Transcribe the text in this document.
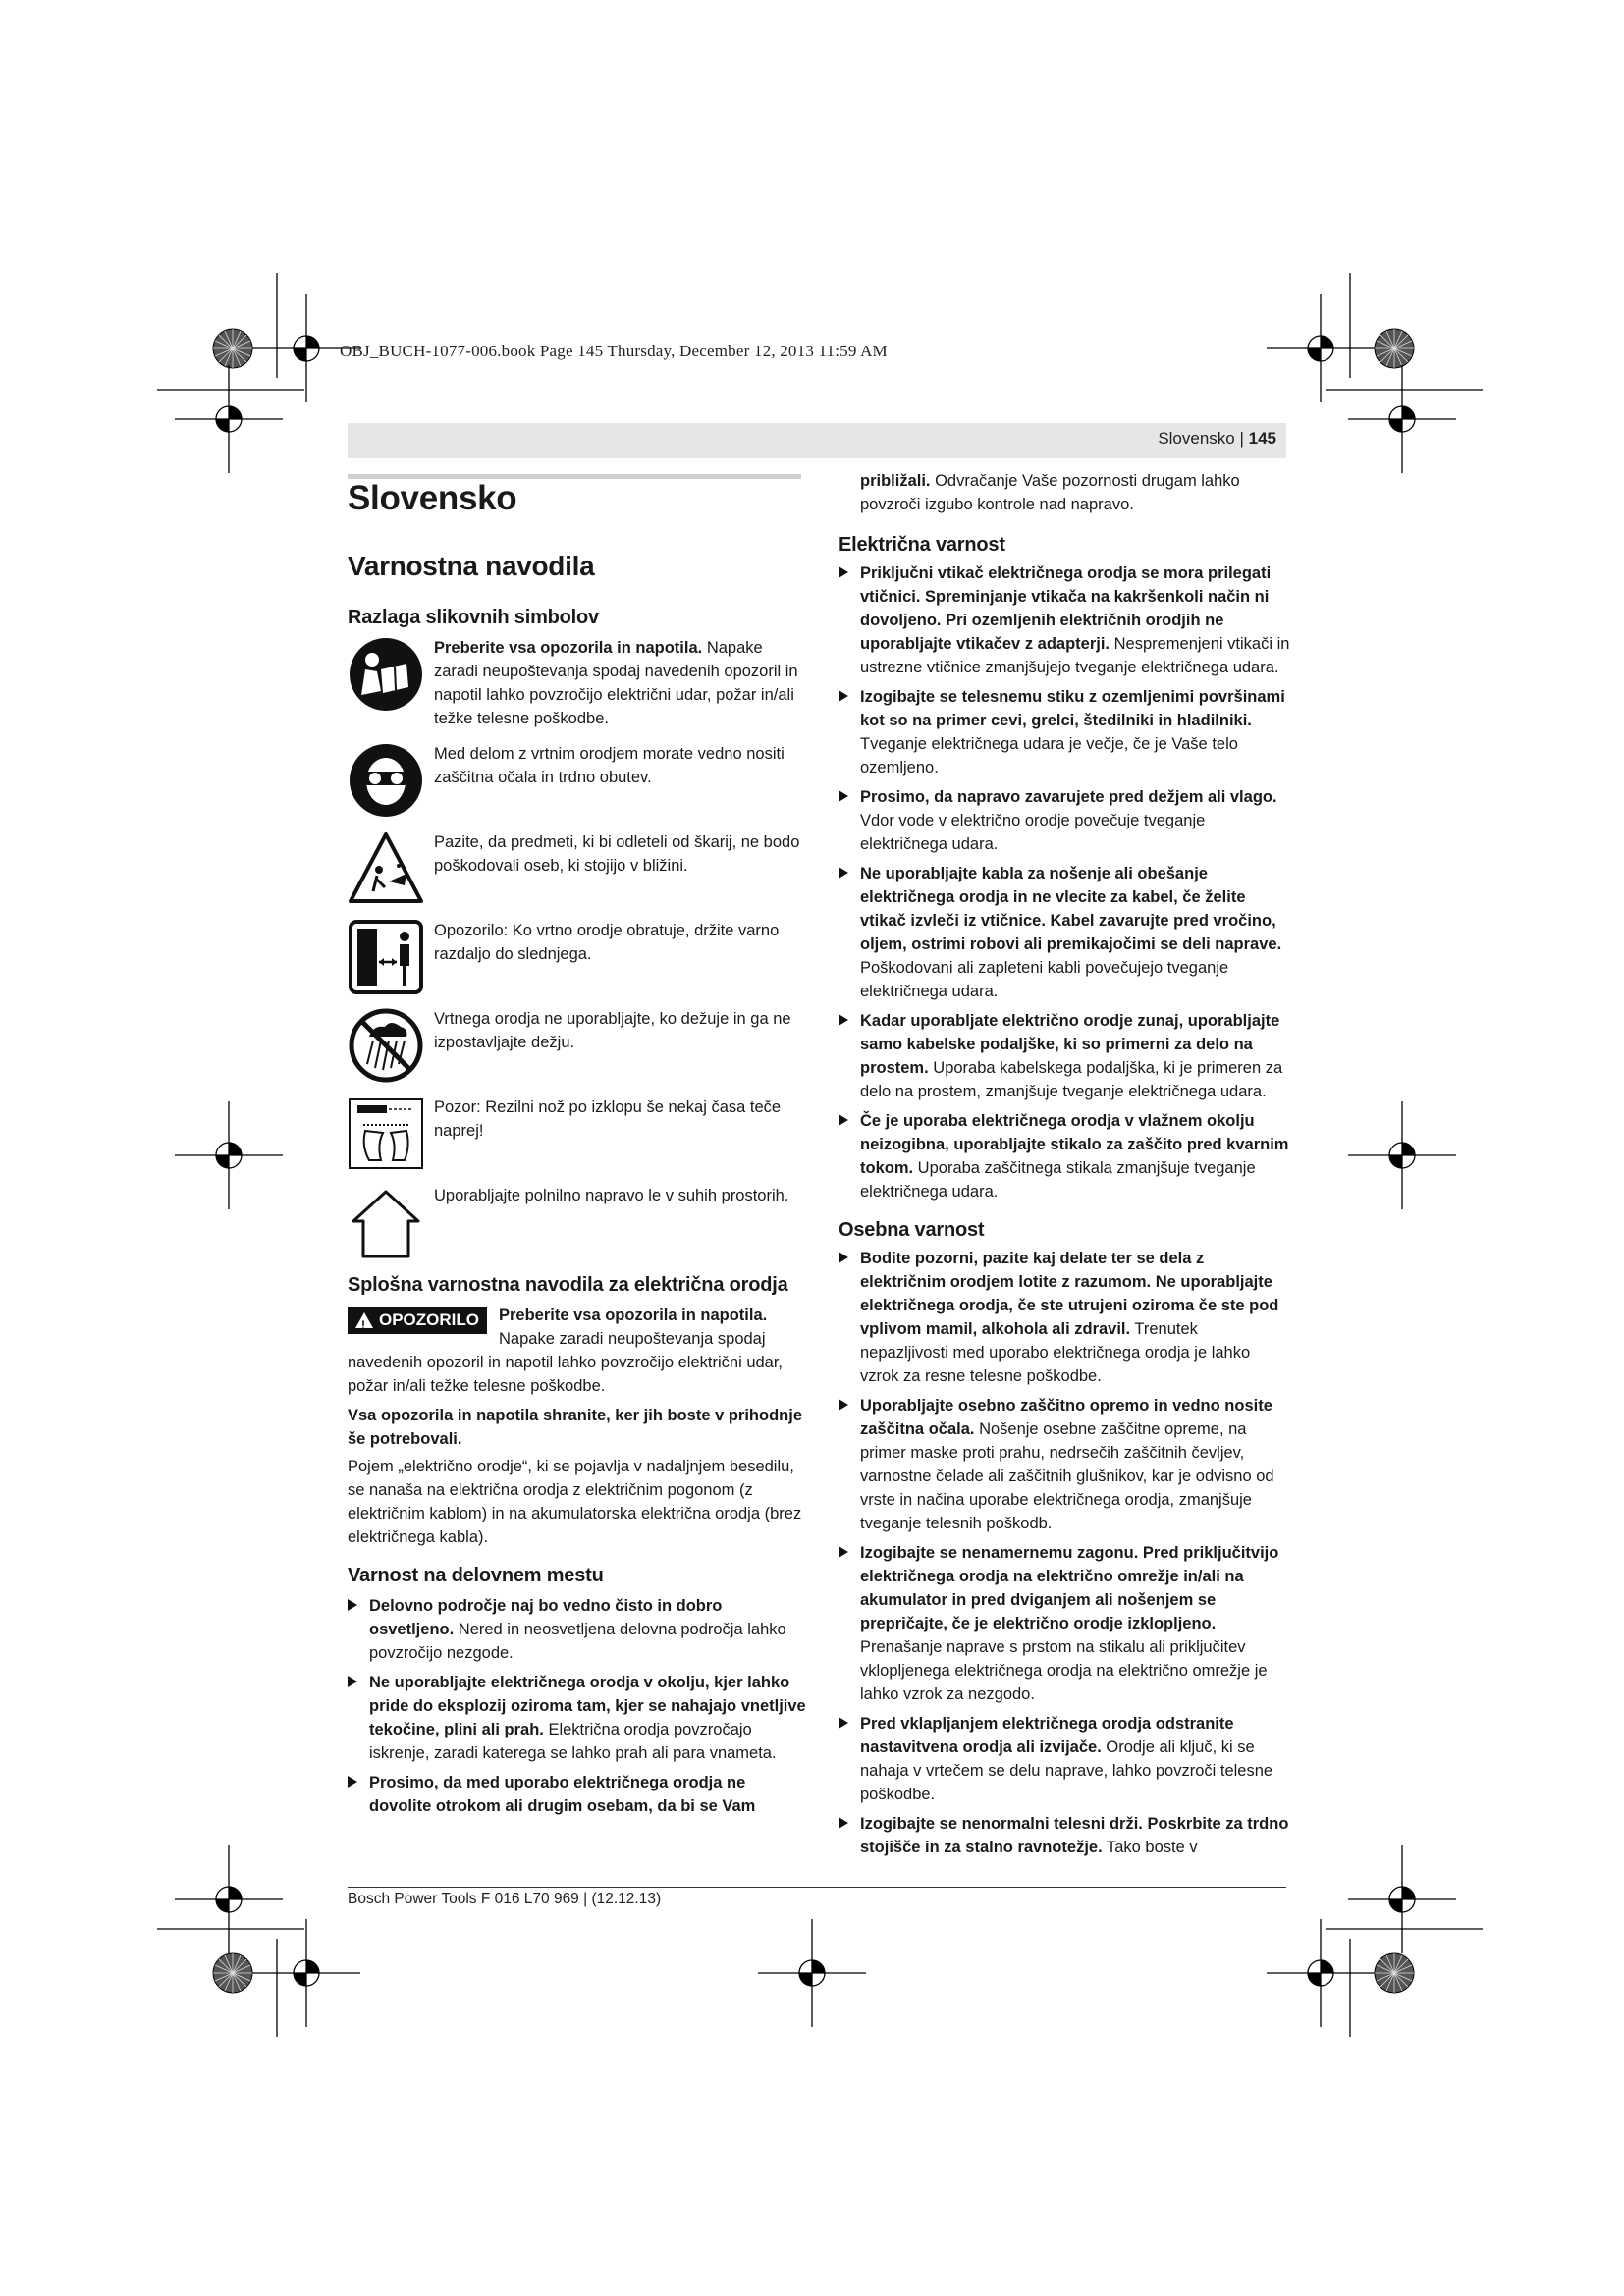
OBJ_BUCH-1077-006.book Page 145 Thursday, December 12, 2013 11:59 AM
Slovensko | 145
Slovensko
Varnostna navodila
Razlaga slikovnih simbolov

Preberite vsa opozorila in napotila. Napake zaradi neupoštevanja spodaj navedenih opozoril in napotil lahko povzročijo električni udar, požar in/ali težke telesne poškodbe.

Med delom z vrtnim orodjem morate vedno nositi zaščitna očala in trdno obutev.

Pazite, da predmeti, ki bi odleteli od škarij, ne bodo poškodovali oseb, ki stojijo v bližini.

Opozorilo: Ko vrtno orodje obratuje, držite varno razdaljo do slednjega.

Vrtnega orodja ne uporabljajte, ko dežuje in ga ne izpostavljajte dežju.

Pozor: Rezilni nož po izklopu še nekaj časa teče naprej!

Uporabljajte polnilno napravo le v suhih prostorih.

Splošna varnostna navodila za električna orodja
!
OPOZORILO	Preberite vsa opozorila in napotila. Napake zaradi neupoštevanja spodaj navedenih opozoril in napotil lahko povzročijo električni udar, požar in/ali težke telesne poškodbe.

Vsa opozorila in napotila shranite, ker jih boste v prihodnje še potrebovali.

Pojem „električno orodje“, ki se pojavlja v nadaljnjem besedilu, se nanaša na električna orodja z električnim pogonom (z električnim kablom) in na akumulatorska električna orodja (brez električnega kabla).

Varnost na delovnem mestu
Delovno področje naj bo vedno čisto in dobro osvetljeno. Nered in neosvetljena delovna področja lahko povzročijo nezgode.
Ne uporabljajte električnega orodja v okolju, kjer lahko pride do eksplozij oziroma tam, kjer se nahajajo vnetljive tekočine, plini ali prah. Električna orodja povzročajo iskrenje, zaradi katerega se lahko prah ali para vnameta.
Prosimo, da med uporabo električnega orodja ne dovolite otrokom ali drugim osebam, da bi se Vam

približali. Odvračanje Vaše pozornosti drugam lahko povzroči izgubo kontrole nad napravo.

Električna varnost
Priključni vtikač električnega orodja se mora prilegati vtičnici. Spreminjanje vtikača na kakršenkoli način ni dovoljeno. Pri ozemljenih električnih orodjih ne uporabljajte vtikačev z adapterji. Nespremenjeni vtikači in ustrezne vtičnice zmanjšujejo tveganje električnega udara.
Izogibajte se telesnemu stiku z ozemljenimi površinami kot so na primer cevi, grelci, štedilniki in hladilniki. Tveganje električnega udara je večje, če je Vaše telo ozemljeno.
Prosimo, da napravo zavarujete pred dežjem ali vlago. Vdor vode v električno orodje povečuje tveganje električnega udara.
Ne uporabljajte kabla za nošenje ali obešanje električnega orodja in ne vlecite za kabel, če želite vtikač izvleči iz vtičnice. Kabel zavarujte pred vročino, oljem, ostrimi robovi ali premikajočimi se deli naprave. Poškodovani ali zapleteni kabli povečujejo tveganje električnega udara.
Kadar uporabljate električno orodje zunaj, uporabljajte samo kabelske podaljške, ki so primerni za delo na prostem. Uporaba kabelskega podaljška, ki je primeren za delo na prostem, zmanjšuje tveganje električnega udara.
Če je uporaba električnega orodja v vlažnem okolju neizogibna, uporabljajte stikalo za zaščito pred kvarnim tokom. Uporaba zaščitnega stikala zmanjšuje tveganje električnega udara.
Osebna varnost
Bodite pozorni, pazite kaj delate ter se dela z električnim orodjem lotite z razumom. Ne uporabljajte električnega orodja, če ste utrujeni oziroma če ste pod vplivom mamil, alkohola ali zdravil. Trenutek nepazljivosti med uporabo električnega orodja je lahko vzrok za resne telesne poškodbe.
Uporabljajte osebno zaščitno opremo in vedno nosite zaščitna očala. Nošenje osebne zaščitne opreme, na primer maske proti prahu, nedrsečih zaščitnih čevljev, varnostne čelade ali zaščitnih glušnikov, kar je odvisno od vrste in načina uporabe električnega orodja, zmanjšuje tveganje telesnih poškodb.
Izogibajte se nenamernemu zagonu. Pred priključitvijo električnega orodja na električno omrežje in/ali na akumulator in pred dviganjem ali nošenjem se prepričajte, če je električno orodje izklopljeno. Prenašanje naprave s prstom na stikalu ali priključitev vklopljenega električnega orodja na električno omrežje je lahko vzrok za nezgodo.
Pred vklapljanjem električnega orodja odstranite nastavitvena orodja ali izvijače. Orodje ali ključ, ki se nahaja v vrtečem se delu naprave, lahko povzroči telesne poškodbe.
Izogibajte se nenormalni telesni drži. Poskrbite za trdno stojišče in za stalno ravnotežje. Tako boste v
Bosch Power Tools F 016 L70 969 | (12.12.13)
